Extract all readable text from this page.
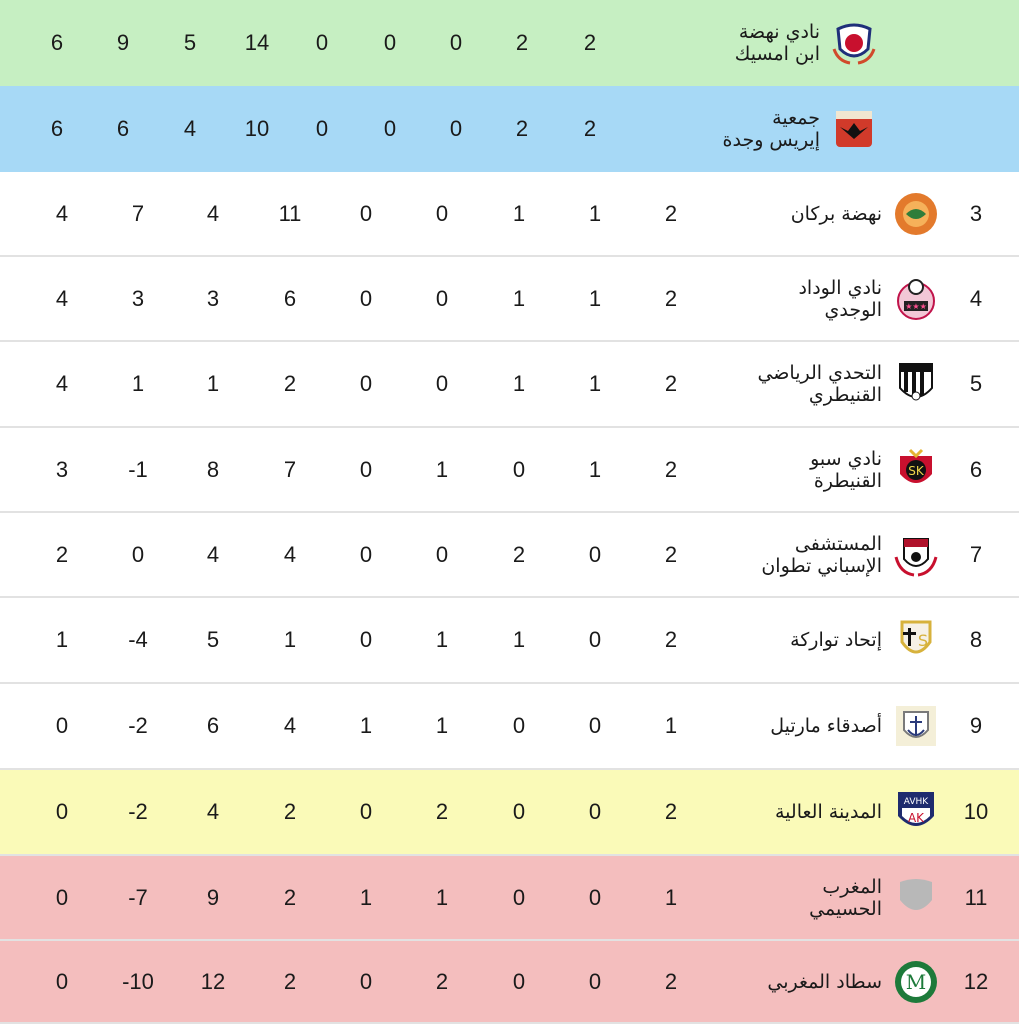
نادي نهضة
ابن امسيك
2
2
0
0
0
14
5
9
6
جمعية
إيريس وجدة
2
2
0
0
0
10
4
6
6
3
نهضة بركان
2
1
1
0
0
11
4
7
4
4
★★★
نادي الوداد
الوجدي
2
1
1
0
0
6
3
3
4
5
التحدي الرياضي
القنيطري
2
1
1
0
0
2
1
1
4
6
SK
نادي سبو
القنيطرة
2
1
0
1
0
7
8
-1
3
7
المستشفى
الإسباني تطوان
2
0
2
0
0
4
4
0
2
8
S
إتحاد تواركة
2
0
1
1
0
1
5
-4
1
9
أصدقاء مارتيل
1
0
0
1
1
4
6
-2
0
10
AVHK
AK
المدينة العالية
2
0
0
2
0
2
4
-2
0
11
المغرب
الحسيمي
1
0
0
1
1
2
9
-7
0
12
M
سطاد المغربي
2
0
0
2
0
2
12
-10
0
